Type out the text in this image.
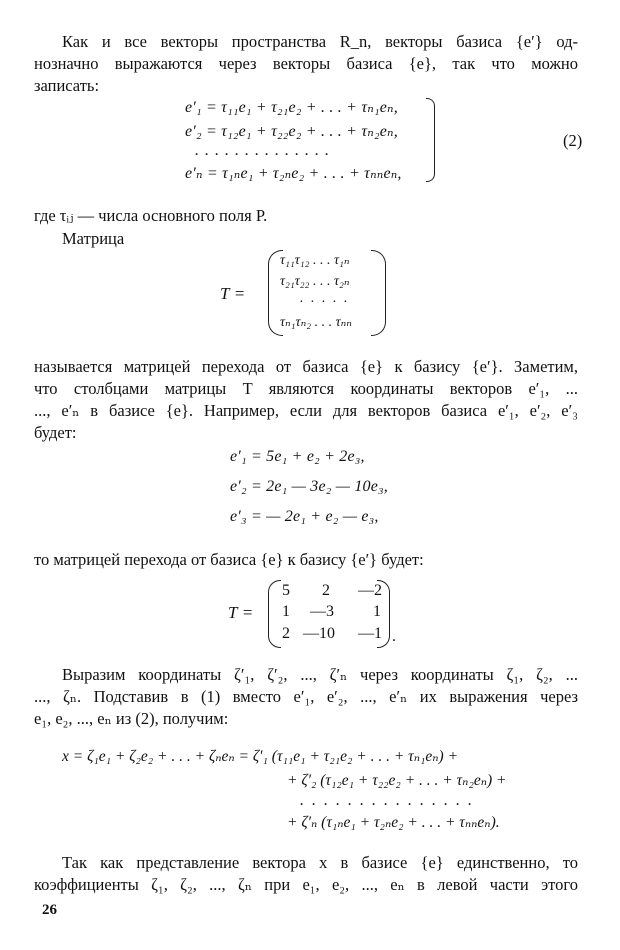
Как и все векторы пространства R_n, векторы базиса {e′} од-
нозначно выражаются через векторы базиса {e}, так что можно
записать:
e′₁ = τ₁₁e₁ + τ₂₁e₂ + . . . + τₙ₁eₙ,
e′₂ = τ₁₂e₁ + τ₂₂e₂ + . . . + τₙ₂eₙ,
. . . . . . . . . . . . . .
e′ₙ = τ₁ₙe₁ + τ₂ₙe₂ + . . . + τₙₙeₙ,
(2)
где τᵢⱼ — числа основного поля P.
Матрица
T =
τ₁₁τ₁₂ . . . τ₁ₙ
τ₂₁τ₂₂ . . . τ₂ₙ
. . . . .
τₙ₁τₙ₂ . . . τₙₙ
называется матрицей перехода от базиса {e} к базису {e′}. Заметим,
что столбцами матрицы T являются координаты векторов e′₁, ...
..., e′ₙ в базисе {e}. Например, если для векторов базиса e′₁, e′₂, e′₃
будет:
e′₁ = 5e₁ + e₂ + 2e₃,
e′₂ = 2e₁ — 3e₂ — 10e₃,
e′₃ = — 2e₁ + e₂ — e₃,
то матрицей перехода от базиса {e} к базису {e′} будет:
T =
5 2 —2
1 —3 1
2 —10 —1 .
Выразим координаты ζ′₁, ζ′₂, ..., ζ′ₙ через координаты ζ₁, ζ₂, ...
..., ζₙ. Подставив в (1) вместо e′₁, e′₂, ..., e′ₙ их выражения через
e₁, e₂, ..., eₙ из (2), получим:
x = ζ₁e₁ + ζ₂e₂ + . . . + ζₙeₙ = ζ′₁ (τ₁₁e₁ + τ₂₁e₂ + . . . + τₙ₁eₙ) +
+ ζ′₂ (τ₁₂e₁ + τ₂₂e₂ + . . . + τₙ₂eₙ) +
. . . . . . . . . . . . . . .
+ ζ′ₙ (τ₁ₙe₁ + τ₂ₙe₂ + . . . + τₙₙeₙ).
Так как представление вектора x в базисе {e} единственно, то
коэффициенты ζ₁, ζ₂, ..., ζₙ при e₁, e₂, ..., eₙ в левой части этого
26
